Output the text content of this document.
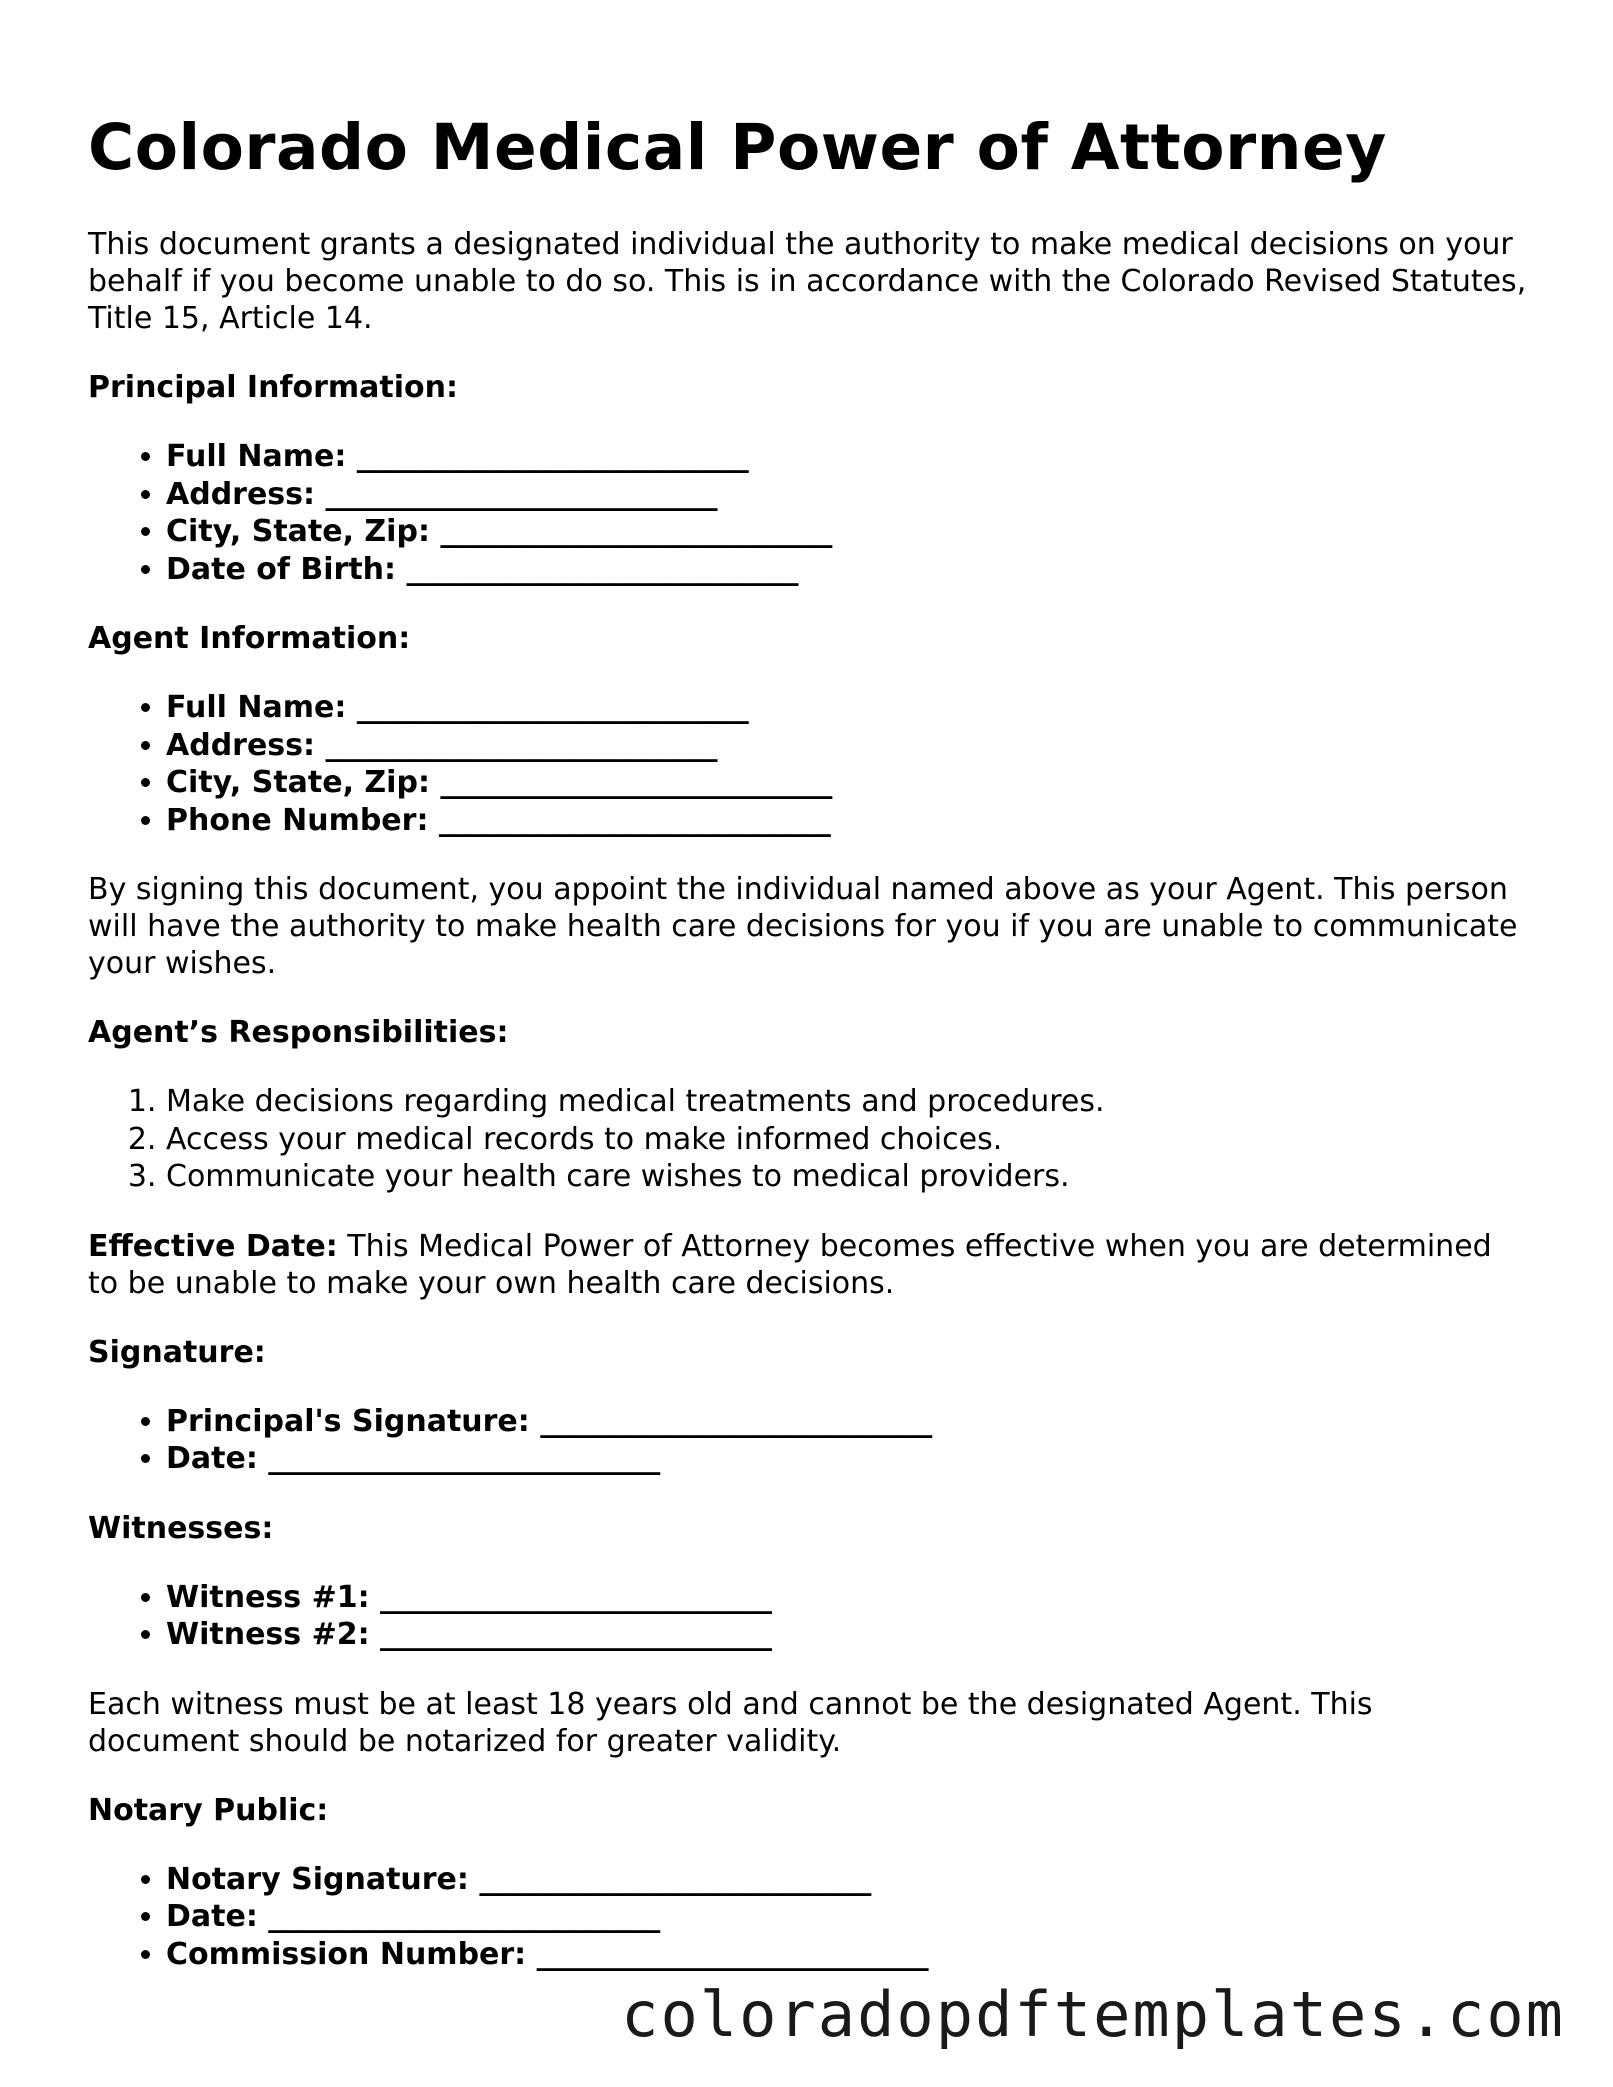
Colorado Medical Power of Attorney

This document grants a designated individual the authority to make medical decisions on your behalf if you become unable to do so. This is in accordance with the Colorado Revised Statutes, Title 15, Article 14.

Principal Information:
• Full Name: ___________________________
• Address: ___________________________
• City, State, Zip: ___________________________
• Date of Birth: ___________________________
Agent Information:
• Full Name: ___________________________
• Address: ___________________________
• City, State, Zip: ___________________________
• Phone Number: ___________________________

By signing this document, you appoint the individual named above as your Agent. This person will have the authority to make health care decisions for you if you are unable to communicate your wishes.

Agent’s Responsibilities:
1. Make decisions regarding medical treatments and procedures.
2. Access your medical records to make informed choices.
3. Communicate your health care wishes to medical providers.

Effective Date: This Medical Power of Attorney becomes effective when you are determined to be unable to make your own health care decisions.

Signature:
• Principal's Signature: ___________________________
• Date: ___________________________
Witnesses:
• Witness #1: ___________________________
• Witness #2: ___________________________

Each witness must be at least 18 years old and cannot be the designated Agent. This document should be notarized for greater validity.

Notary Public:
• Notary Signature: ___________________________
• Date: ___________________________
• Commission Number: ___________________________
coloradopdftemplates.com
